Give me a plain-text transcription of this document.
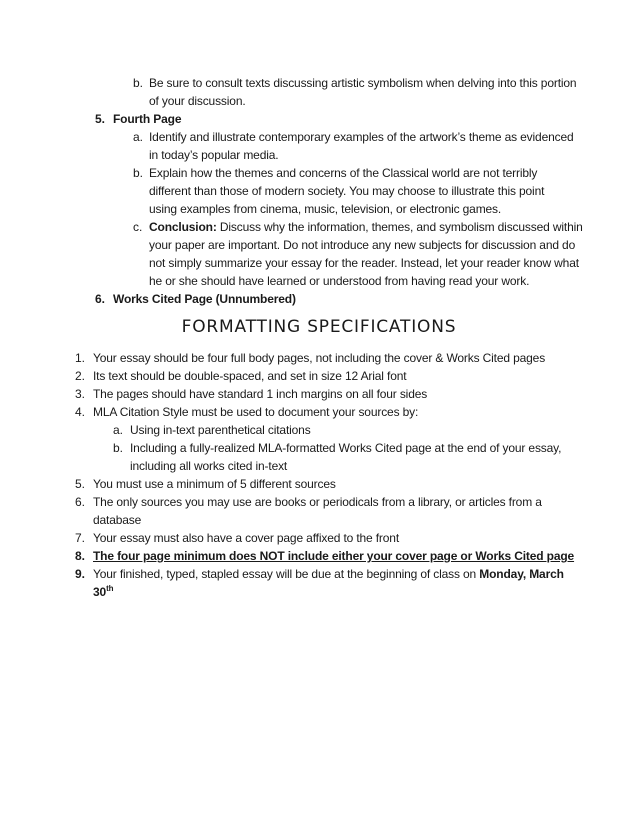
b. Be sure to consult texts discussing artistic symbolism when delving into this portion
of your discussion.
5. Fourth Page
a. Identify and illustrate contemporary examples of the artwork’s theme as evidenced
in today’s popular media.
b. Explain how the themes and concerns of the Classical world are not terribly
different than those of modern society. You may choose to illustrate this point
using examples from cinema, music, television, or electronic games.
c. Conclusion: Discuss why the information, themes, and symbolism discussed within
your paper are important. Do not introduce any new subjects for discussion and do
not simply summarize your essay for the reader. Instead, let your reader know what
he or she should have learned or understood from having read your work.
6. Works Cited Page (Unnumbered)
FORMATTING SPECIFICATIONS
1. Your essay should be four full body pages, not including the cover & Works Cited pages
2. Its text should be double-spaced, and set in size 12 Arial font
3. The pages should have standard 1 inch margins on all four sides
4. MLA Citation Style must be used to document your sources by:
a. Using in-text parenthetical citations
b. Including a fully-realized MLA-formatted Works Cited page at the end of your essay,
including all works cited in-text
5. You must use a minimum of 5 different sources
6. The only sources you may use are books or periodicals from a library, or articles from a
database
7. Your essay must also have a cover page affixed to the front
8. The four page minimum does NOT include either your cover page or Works Cited page
9. Your finished, typed, stapled essay will be due at the beginning of class on Monday, March
30th
